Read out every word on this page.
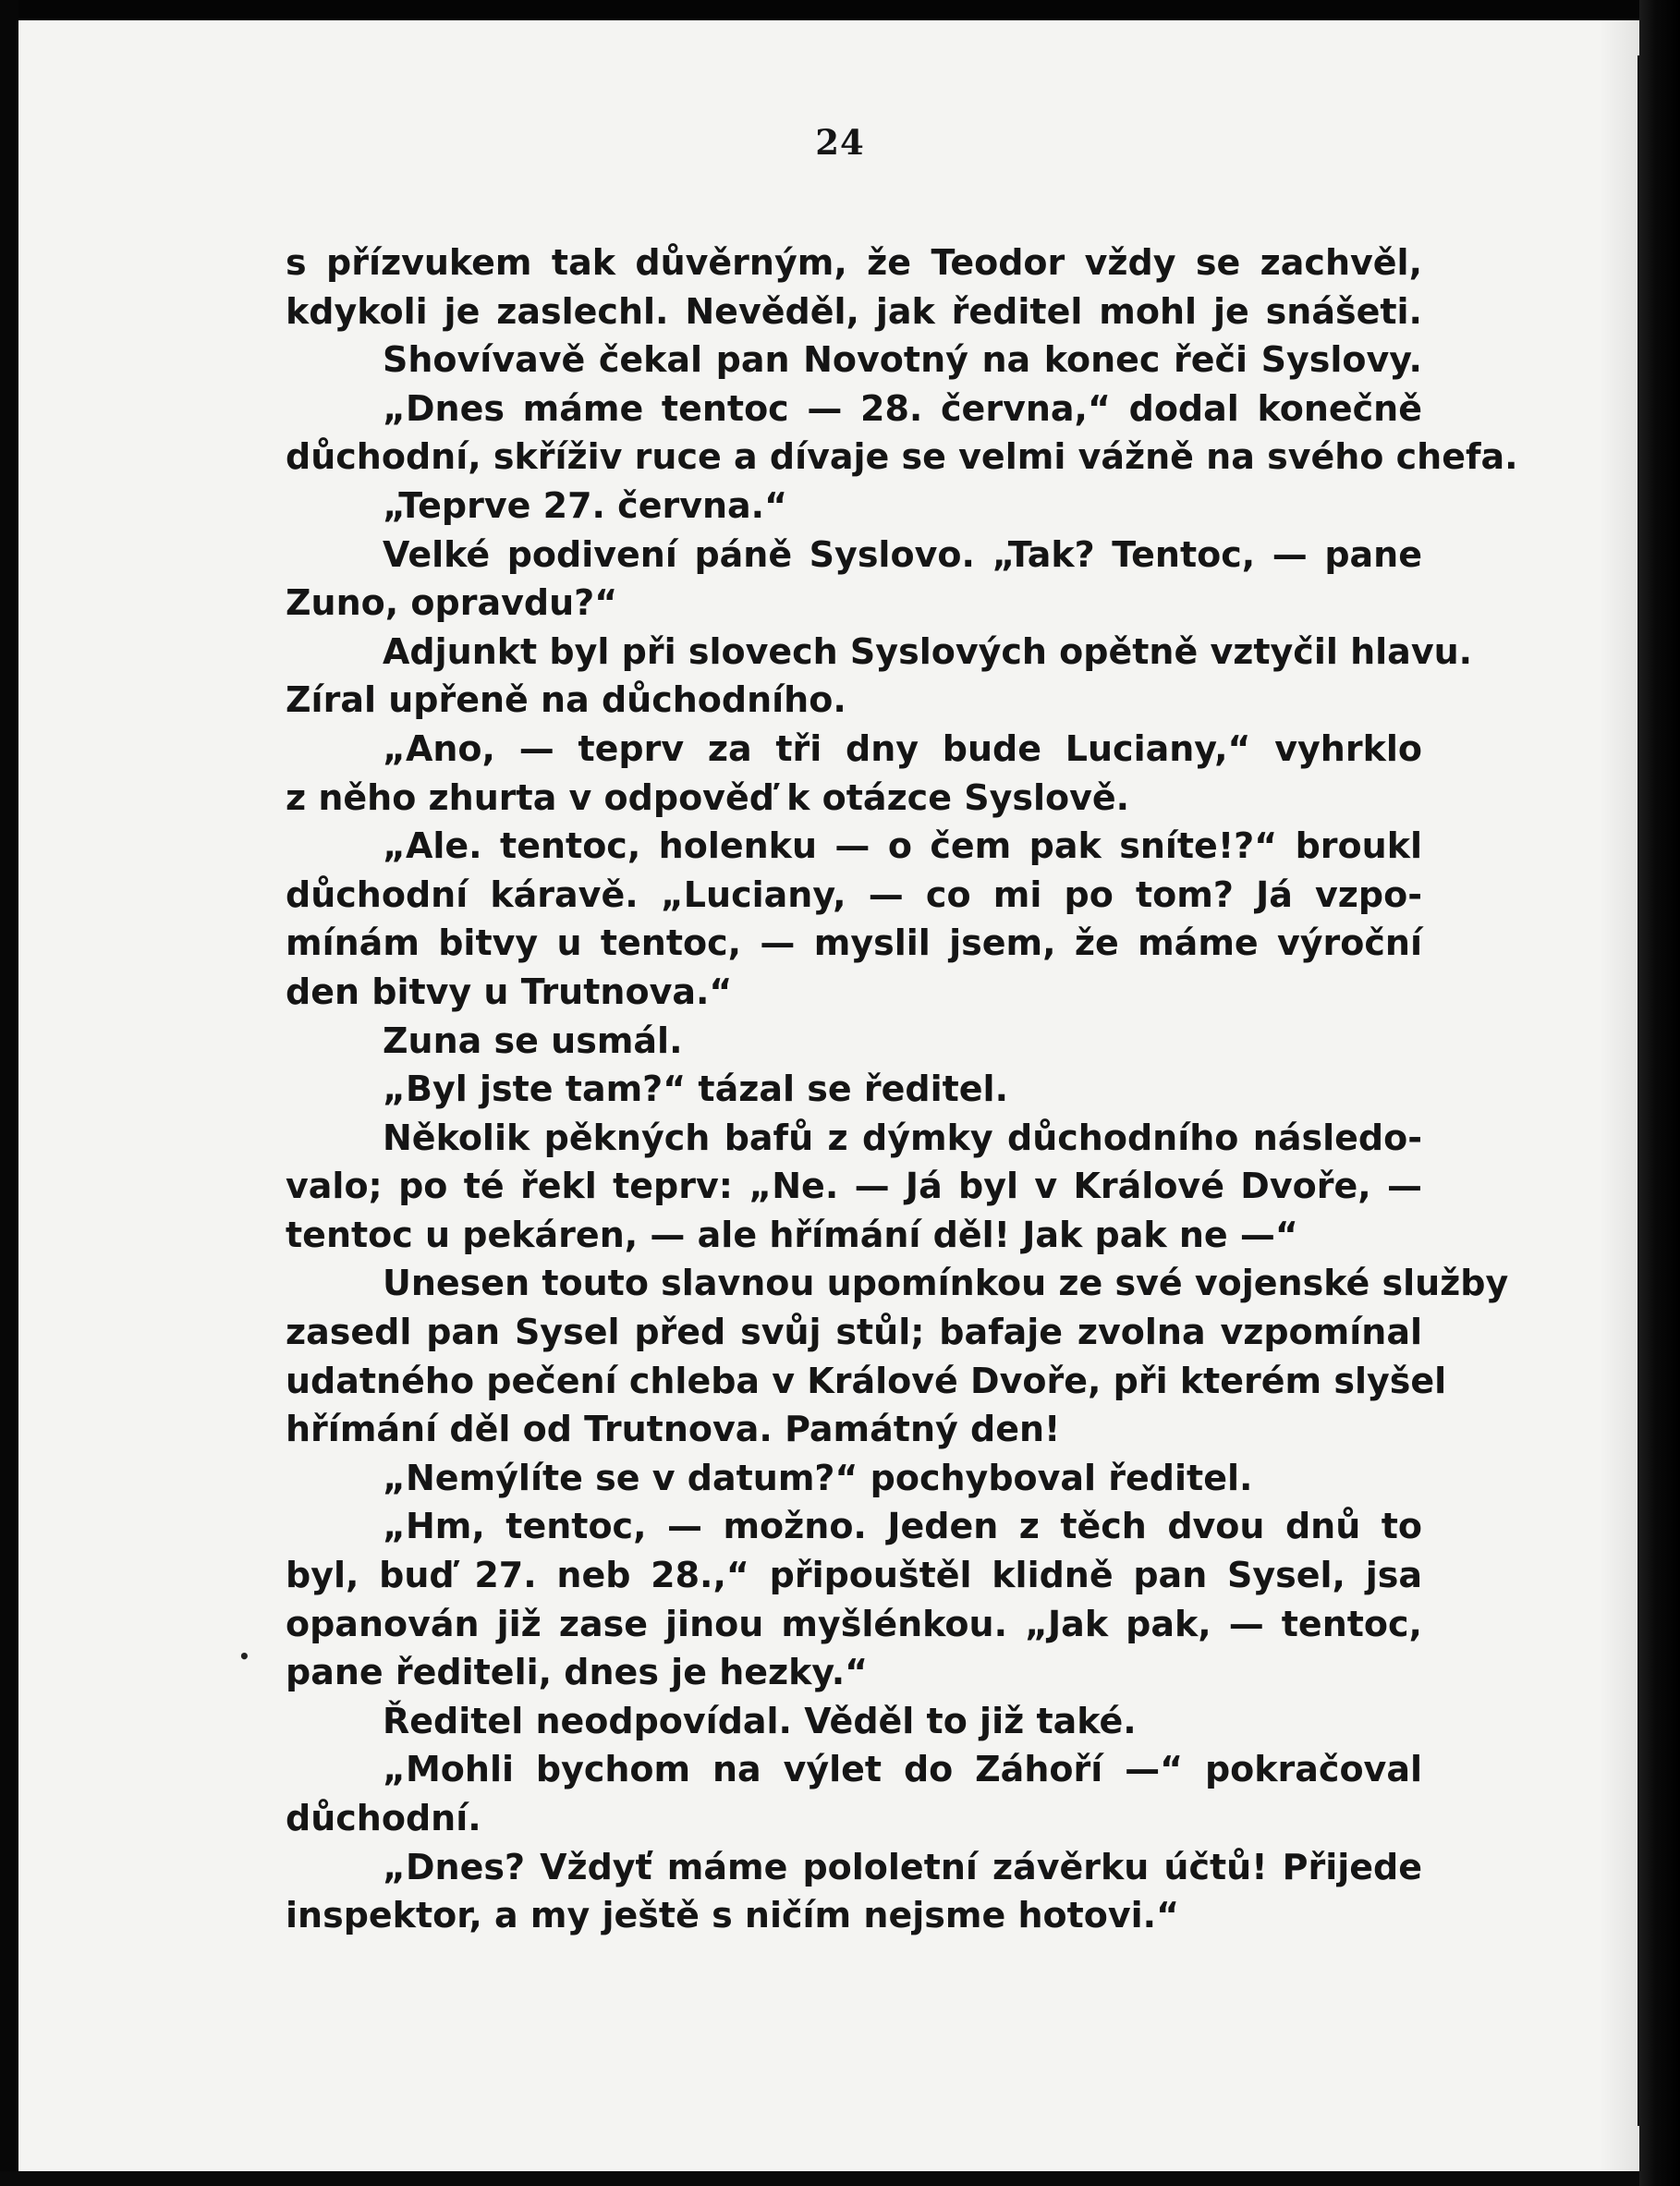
24
s přízvukem tak důvěrným, že Teodor vždy se zachvěl,
kdykoli je zaslechl. Nevěděl, jak ředitel mohl je snášeti.
Shovívavě čekal pan Novotný na konec řeči Syslovy.
„Dnes máme tentoc — 28. června,“ dodal konečně
důchodní, skříživ ruce a dívaje se velmi vážně na svého chefa.
„Teprve 27. června.“
Velké podivení páně Syslovo. „Tak? Tentoc, — pane
Zuno, opravdu?“
Adjunkt byl při slovech Syslových opětně vztyčil hlavu.
Zíral upřeně na důchodního.
„Ano, — teprv za tři dny bude Luciany,“ vyhrklo
z něho zhurta v odpověď k otázce Syslově.
„Ale. tentoc, holenku — o čem pak sníte!?“ broukl
důchodní káravě. „Luciany, — co mi po tom? Já vzpo-
mínám bitvy u tentoc, — myslil jsem, že máme výroční
den bitvy u Trutnova.“
Zuna se usmál.
„Byl jste tam?“ tázal se ředitel.
Několik pěkných bafů z dýmky důchodního následo-
valo; po té řekl teprv: „Ne. — Já byl v Králové Dvoře, —
tentoc u pekáren, — ale hřímání děl! Jak pak ne —“
Unesen touto slavnou upomínkou ze své vojenské služby
zasedl pan Sysel před svůj stůl; bafaje zvolna vzpomínal
udatného pečení chleba v Králové Dvoře, při kterém slyšel
hřímání děl od Trutnova. Památný den!
„Nemýlíte se v datum?“ pochyboval ředitel.
„Hm, tentoc, — možno. Jeden z těch dvou dnů to
byl, buď 27. neb 28.,“ připouštěl klidně pan Sysel, jsa
opanován již zase jinou myšlénkou. „Jak pak, — tentoc,
pane řediteli, dnes je hezky.“
Ředitel neodpovídal. Věděl to již také.
„Mohli bychom na výlet do Záhoří —“ pokračoval
důchodní.
„Dnes? Vždyť máme pololetní závěrku účtů! Přijede
inspektor, a my ještě s ničím nejsme hotovi.“
•
